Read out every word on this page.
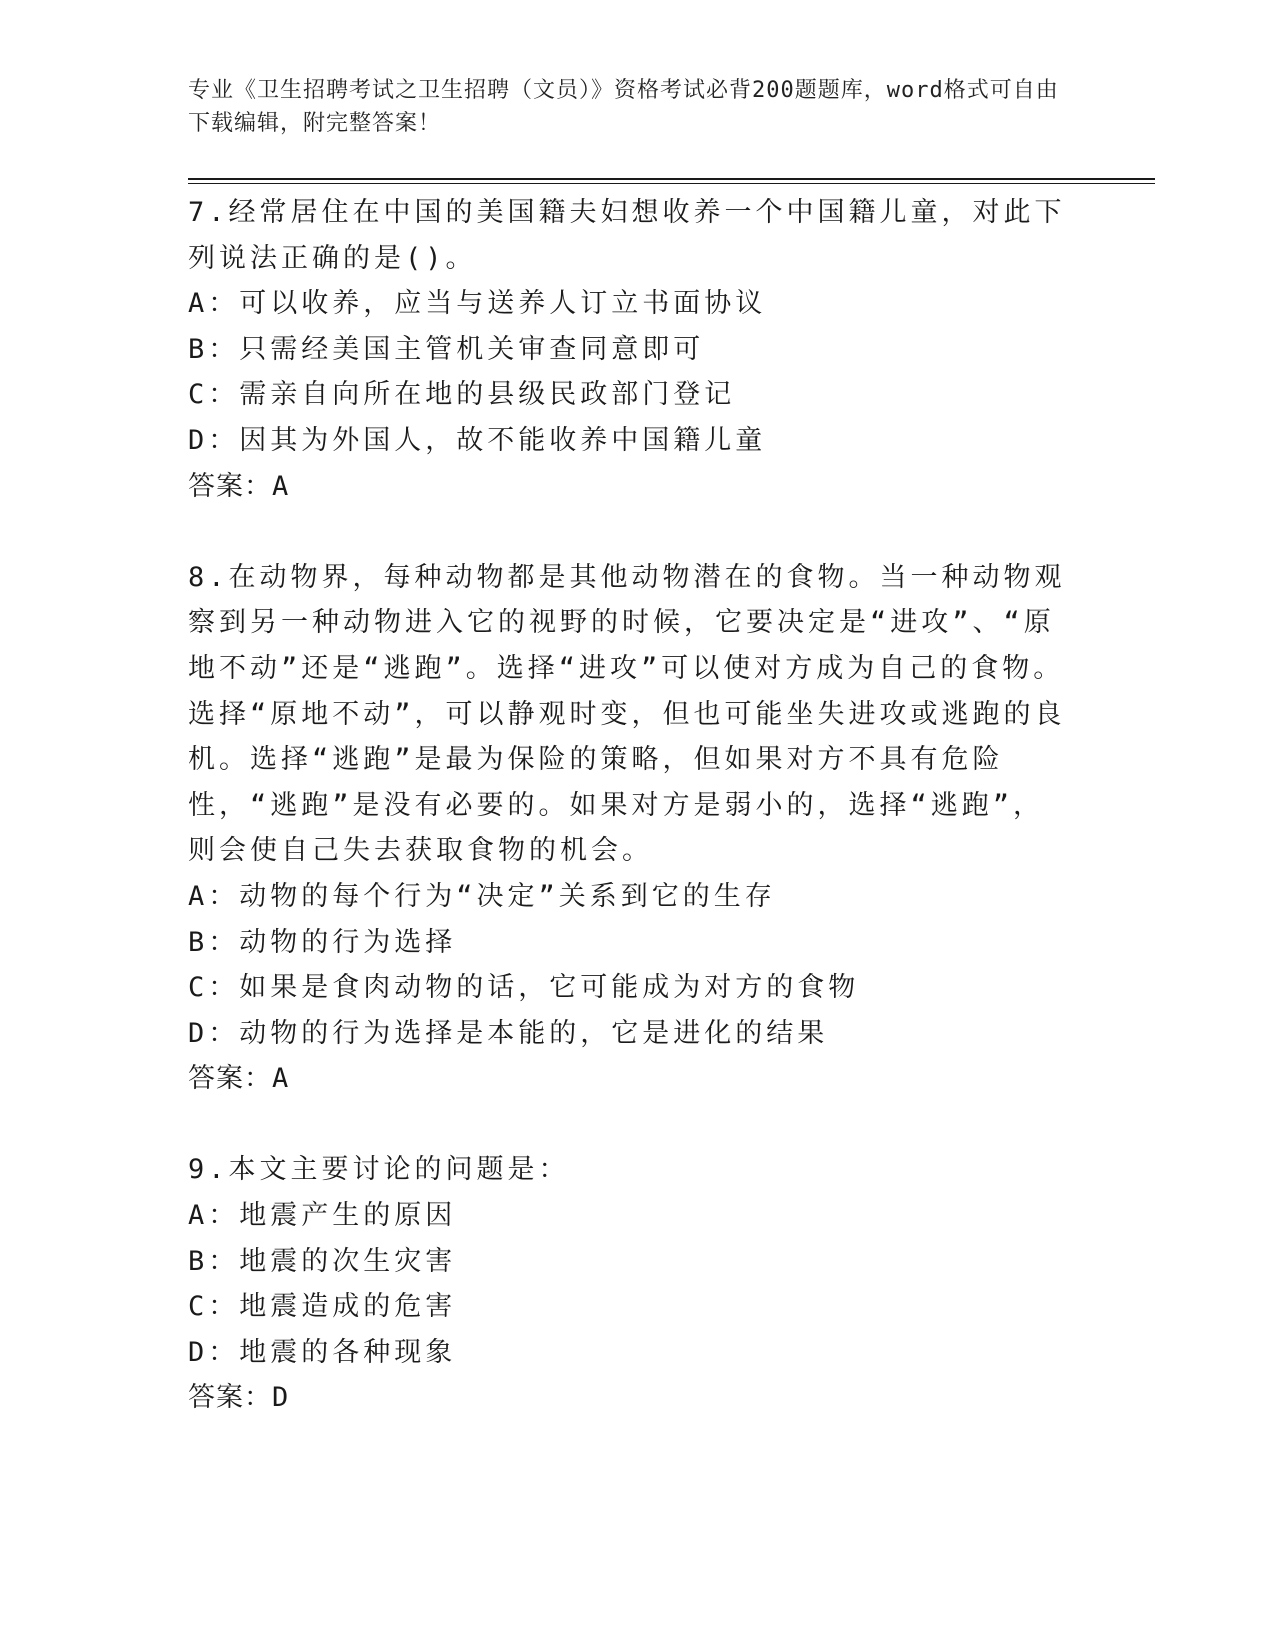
专业《卫生招聘考试之卫生招聘（文员）》资格考试必背200题题库，word格式可自由下载编辑，附完整答案！

7.经常居住在中国的美国籍夫妇想收养一个中国籍儿童，对此下列说法正确的是()。

A：可以收养，应当与送养人订立书面协议

B：只需经美国主管机关审查同意即可

C：需亲自向所在地的县级民政部门登记

D：因其为外国人，故不能收养中国籍儿童

答案：A

8.在动物界，每种动物都是其他动物潜在的食物。当一种动物观察到另一种动物进入它的视野的时候，它要决定是“进攻”、“原地不动”还是“逃跑”。选择“进攻”可以使对方成为自己的食物。选择“原地不动”，可以静观时变，但也可能坐失进攻或逃跑的良机。选择“逃跑”是最为保险的策略，但如果对方不具有危险性，“逃跑”是没有必要的。如果对方是弱小的，选择“逃跑”，则会使自己失去获取食物的机会。

A：动物的每个行为“决定”关系到它的生存

B：动物的行为选择

C：如果是食肉动物的话，它可能成为对方的食物

D：动物的行为选择是本能的，它是进化的结果

答案：A

9.本文主要讨论的问题是：

A：地震产生的原因

B：地震的次生灾害

C：地震造成的危害

D：地震的各种现象

答案：D
